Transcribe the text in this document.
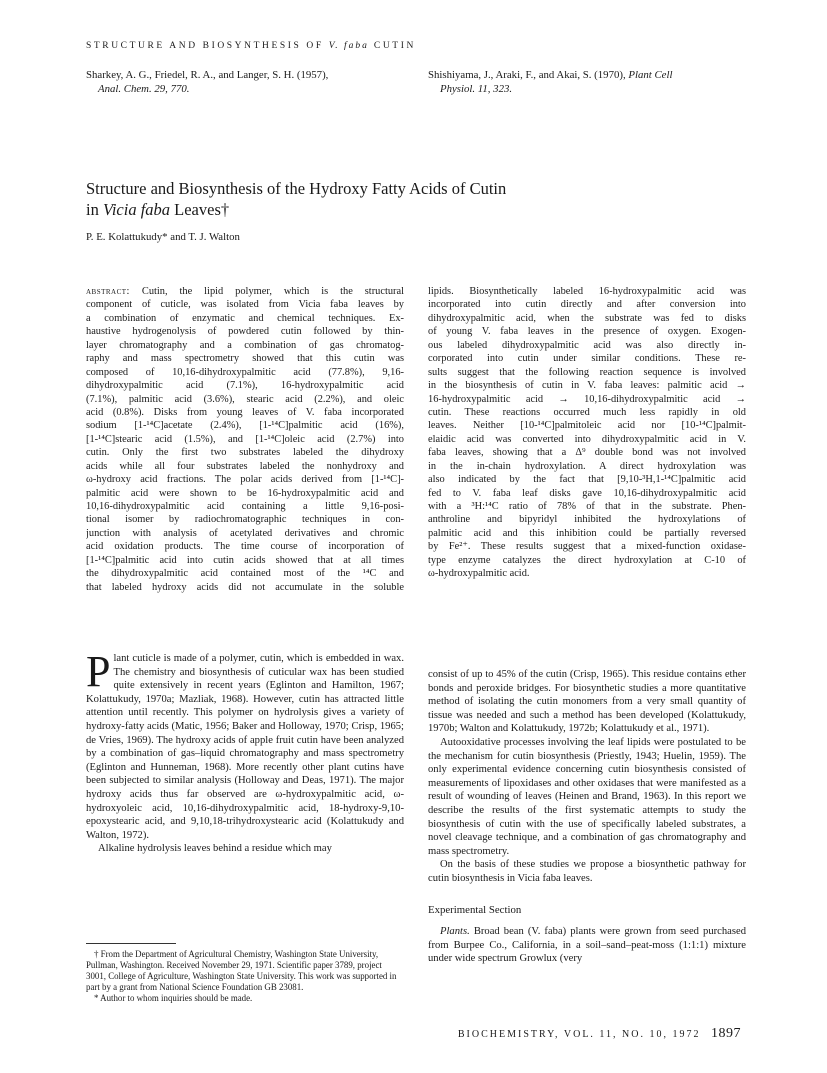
STRUCTURE AND BIOSYNTHESIS OF V. faba CUTIN
Sharkey, A. G., Friedel, R. A., and Langer, S. H. (1957),
Anal. Chem. 29, 770.
Shishiyama, J., Araki, F., and Akai, S. (1970), Plant Cell
Physiol. 11, 323.
Structure and Biosynthesis of the Hydroxy Fatty Acids of Cutin
in Vicia faba Leaves†
P. E. Kolattukudy* and T. J. Walton
abstract: Cutin, the lipid polymer, which is the structural
component of cuticle, was isolated from Vicia faba leaves by
a combination of enzymatic and chemical techniques. Ex-
haustive hydrogenolysis of powdered cutin followed by thin-
layer chromatography and a combination of gas chromatog-
raphy and mass spectrometry showed that this cutin was
composed of 10,16-dihydroxypalmitic acid (77.8%), 9,16-
dihydroxypalmitic acid (7.1%), 16-hydroxypalmitic acid
(7.1%), palmitic acid (3.6%), stearic acid (2.2%), and oleic
acid (0.8%). Disks from young leaves of V. faba incorporated
sodium [1-¹⁴C]acetate (2.4%), [1-¹⁴C]palmitic acid (16%),
[1-¹⁴C]stearic acid (1.5%), and [1-¹⁴C]oleic acid (2.7%) into
cutin. Only the first two substrates labeled the dihydroxy
acids while all four substrates labeled the nonhydroxy and
ω-hydroxy acid fractions. The polar acids derived from [1-¹⁴C]-
palmitic acid were shown to be 16-hydroxypalmitic acid and
10,16-dihydroxypalmitic acid containing a little 9,16-posi-
tional isomer by radiochromatographic techniques in con-
junction with analysis of acetylated derivatives and chromic
acid oxidation products. The time course of incorporation of
[1-¹⁴C]palmitic acid into cutin acids showed that at all times
the dihydroxypalmitic acid contained most of the ¹⁴C and
that labeled hydroxy acids did not accumulate in the soluble
lipids. Biosynthetically labeled 16-hydroxypalmitic acid was
incorporated into cutin directly and after conversion into
dihydroxypalmitic acid, when the substrate was fed to disks
of young V. faba leaves in the presence of oxygen. Exogen-
ous labeled dihydroxypalmitic acid was also directly in-
corporated into cutin under similar conditions. These re-
sults suggest that the following reaction sequence is involved
in the biosynthesis of cutin in V. faba leaves: palmitic acid →
16-hydroxypalmitic acid → 10,16-dihydroxypalmitic acid →
cutin. These reactions occurred much less rapidly in old
leaves. Neither [10-¹⁴C]palmitoleic acid nor [10-¹⁴C]palmit-
elaidic acid was converted into dihydroxypalmitic acid in V.
faba leaves, showing that a Δ⁹ double bond was not involved
in the in-chain hydroxylation. A direct hydroxylation was
also indicated by the fact that [9,10-³H,1-¹⁴C]palmitic acid
fed to V. faba leaf disks gave 10,16-dihydroxypalmitic acid
with a ³H:¹⁴C ratio of 78% of that in the substrate. Phen-
anthroline and bipyridyl inhibited the hydroxylations of
palmitic acid and this inhibition could be partially reversed
by Fe²⁺. These results suggest that a mixed-function oxidase-
type enzyme catalyzes the direct hydroxylation at C-10 of
ω-hydroxypalmitic acid.

Plant cuticle is made of a polymer, cutin, which is embedded in wax. The chemistry and biosynthesis of cuticular wax has been studied quite extensively in recent years (Eglinton and Hamilton, 1967; Kolattukudy, 1970a; Mazliak, 1968). However, cutin has attracted little attention until recently. This polymer on hydrolysis gives a variety of hydroxy-fatty acids (Matic, 1956; Baker and Holloway, 1970; Crisp, 1965; de Vries, 1969). The hydroxy acids of apple fruit cutin have been analyzed by a combination of gas–liquid chromatography and mass spectrometry (Eglinton and Hunneman, 1968). More recently other plant cutins have been subjected to similar analysis (Holloway and Deas, 1971). The major hydroxy acids thus far observed are ω-hydroxypalmitic acid, ω-hydroxyoleic acid, 10,16-dihydroxypalmitic acid, 18-hydroxy-9,10-epoxystearic acid, and 9,10,18-trihydroxystearic acid (Kolattukudy and Walton, 1972).

Alkaline hydrolysis leaves behind a residue which may

† From the Department of Agricultural Chemistry, Washington State University, Pullman, Washington. Received November 29, 1971. Scientific paper 3789, project 3001, College of Agriculture, Washington State University. This work was supported in part by a grant from National Science Foundation GB 23081.

* Author to whom inquiries should be made.

consist of up to 45% of the cutin (Crisp, 1965). This residue contains ether bonds and peroxide bridges. For biosynthetic studies a more quantitative method of isolating the cutin monomers from a very small quantity of tissue was needed and such a method has been developed (Kolattukudy, 1970b; Walton and Kolattukudy, 1972b; Kolattukudy et al., 1971).

Autooxidative processes involving the leaf lipids were postulated to be the mechanism for cutin biosynthesis (Priestly, 1943; Huelin, 1959). The only experimental evidence concerning cutin biosynthesis consisted of measurements of lipoxidases and other oxidases that were manifested as a result of wounding of leaves (Heinen and Brand, 1963). In this report we describe the results of the first systematic attempts to study the biosynthesis of cutin with the use of specifically labeled substrates, a novel cleavage technique, and a combination of gas chromatography and mass spectrometry.

On the basis of these studies we propose a biosynthetic pathway for cutin biosynthesis in Vicia faba leaves.

Experimental Section

Plants. Broad bean (V. faba) plants were grown from seed purchased from Burpee Co., California, in a soil–sand–peat-moss (1:1:1) mixture under wide spectrum Growlux (very

BIOCHEMISTRY, VOL. 11, NO. 10, 1972 1897
